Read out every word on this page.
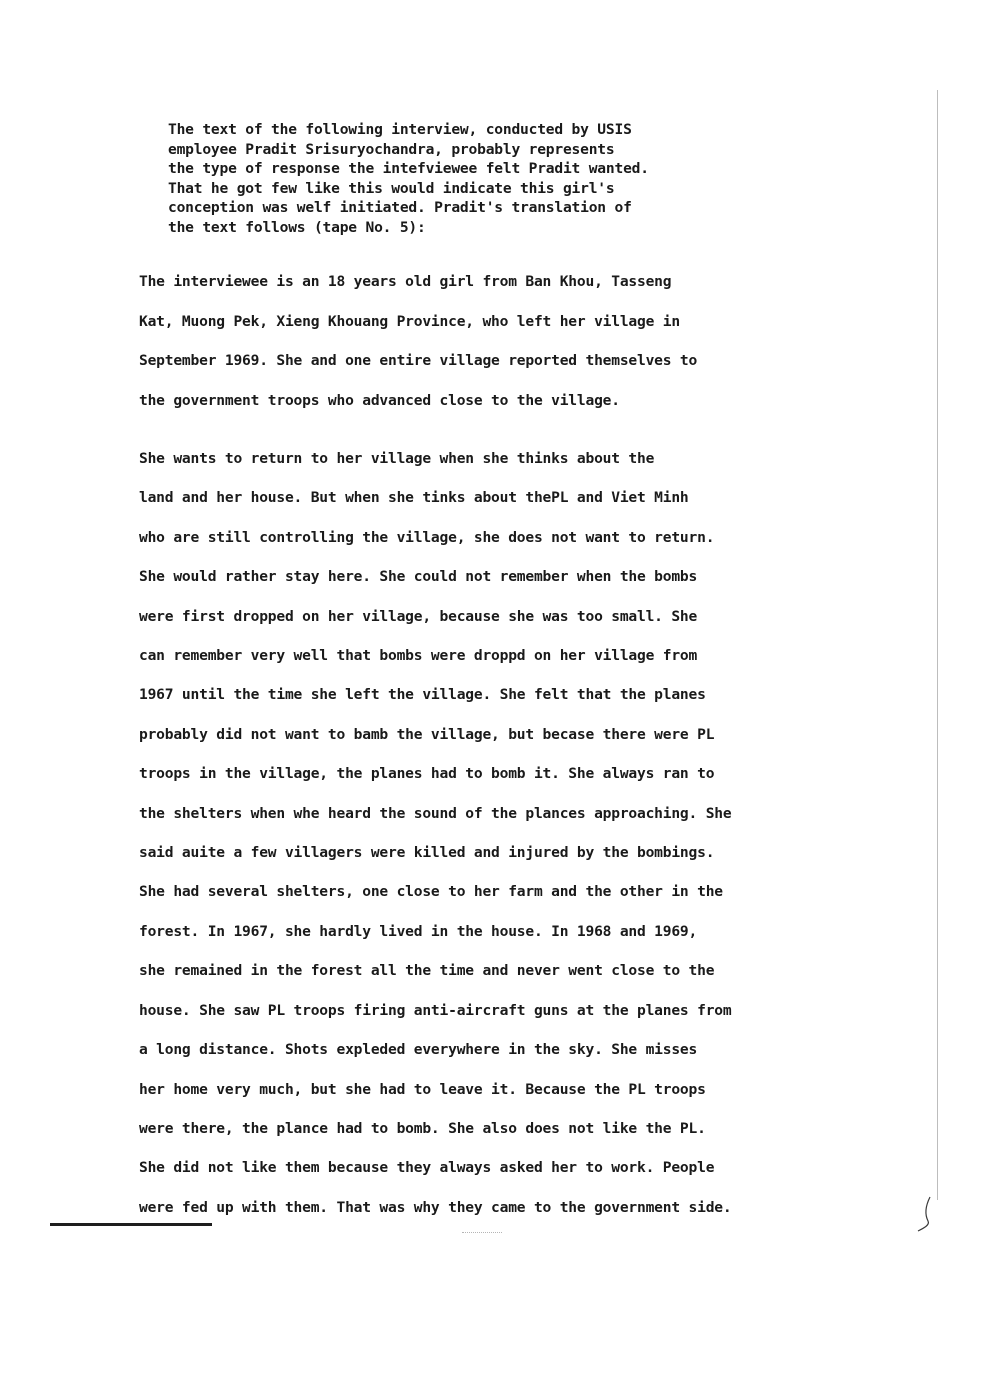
The text of the following interview, conducted by USIS
employee Pradit Srisuryochandra, probably represents
the type of response the intefviewee felt Pradit wanted.
That he got few like this would indicate this girl's
conception was welf initiated. Pradit's translation of
the text follows (tape No. 5):
The interviewee is an 18 years old girl from Ban Khou, Tasseng
Kat, Muong Pek, Xieng Khouang Province, who left her village in
September 1969. She and one entire village reported themselves to
the government troops who advanced close to the village.
She wants to return to her village when she thinks about the
land and her house. But when she tinks about thePL and Viet Minh
who are still controlling the village, she does not want to return.
She would rather stay here. She could not remember when the bombs
were first dropped on her village, because she was too small. She
can remember very well that bombs were droppd on her village from
1967 until the time she left the village. She felt that the planes
probably did not want to bamb the village, but becase there were PL
troops in the village, the planes had to bomb it. She always ran to
the shelters when whe heard the sound of the plances approaching. She
said auite a few villagers were killed and injured by the bombings.
She had several shelters, one close to her farm and the other in the
forest. In 1967, she hardly lived in the house. In 1968 and 1969,
she remained in the forest all the time and never went close to the
house. She saw PL troops firing anti-aircraft guns at the planes from
a long distance. Shots expleded everywhere in the sky. She misses
her home very much, but she had to leave it. Because the PL troops
were there, the plance had to bomb. She also does not like the PL.
She did not like them because they always asked her to work. People
were fed up with them. That was why they came to the government side.
